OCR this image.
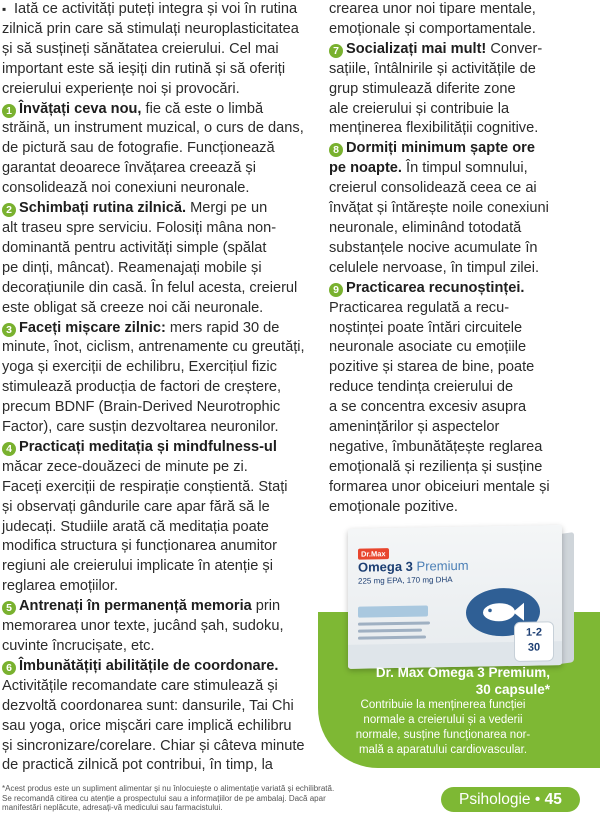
▪ Iată ce activități puteți integra și voi în rutina
zilnică prin care să stimulați neuroplasticitatea
și să susțineți sănătatea creierului. Cel mai
important este să ieșiți din rutină și să oferiți
creierului experiențe noi și provocări.
1 Învățați ceva nou, fie că este o limbă
străină, un instrument muzical, o curs de dans,
de pictură sau de fotografie. Funcționează
garantat deoarece învățarea creează și
consolidează noi conexiuni neuronale.
2 Schimbați rutina zilnică. Mergi pe un
alt traseu spre serviciu. Folosiți mâna non-
dominantă pentru activități simple (spălat
pe dinți, mâncat). Reamenajați mobile și
decorațiunile din casă. În felul acesta, creierul
este obligat să creeze noi căi neuronale.
3 Faceți mișcare zilnic: mers rapid 30 de
minute, înot, ciclism, antrenamente cu greutăți,
yoga și exerciții de echilibru, Exercițiul fizic
stimulează producția de factori de creștere,
precum BDNF (Brain-Derived Neurotrophic
Factor), care susțin dezvoltarea neuronilor.
4 Practicați meditația și mindfulness-ul
măcar zece-douăzeci de minute pe zi.
Faceți exerciții de respirație conștientă. Stați
și observați gândurile care apar fără să le
judecați. Studiile arată că meditația poate
modifica structura și funcționarea anumitor
regiuni ale creierului implicate în atenție și
reglarea emoțiilor.
5 Antrenați în permanență memoria prin
memorarea unor texte, jucând șah, sudoku,
cuvinte încrucișate, etc.
6 Îmbunătățiți abilitățile de coordonare.
Activitățile recomandate care stimulează și
dezvoltă coordonarea sunt: dansurile, Tai Chi
sau yoga, orice mișcări care implică echilibru
și sincronizare/corelare. Chiar și câteva minute
de practică zilnică pot contribui, în timp, la
crearea unor noi tipare mentale,
emoționale și comportamentale.
7 Socializați mai mult! Conver-
sațiile, întâlnirile și activitățile de
grup stimulează diferite zone
ale creierului și contribuie la
menținerea flexibilității cognitive.
8 Dormiți minimum șapte ore
pe noapte. În timpul somnului,
creierul consolidează ceea ce ai
învățat și întărește noile conexiuni
neuronale, eliminând totodată
substanțele nocive acumulate în
celulele nervoase, în timpul zilei.
9 Practicarea recunoștinței.
Practicarea regulată a recu-
noștinței poate întări circuitele
neuronale asociate cu emoțiile
pozitive și starea de bine, poate
reduce tendința creierului de
a se concentra excesiv asupra
amenințărilor și aspectelor
negative, îmbunătățește reglarea
emoțională și reziliența și susține
formarea unor obiceiuri mentale și
emoționale pozitive.
Dr.Max
Omega 3 Premium
225 mg EPA, 170 mg DHA
1-2
30
Dr. Max Omega 3 Premium,
30 capsule*
Contribuie la menținerea funcției
normale a creierului și a vederii
normale, susține funcționarea nor-
mală a aparatului cardiovascular.
*Acest produs este un supliment alimentar și nu înlocuiește o alimentație variată și echilibrată.
Se recomandă citirea cu atenție a prospectului sau a informațiilor de pe ambalaj. Dacă apar
manifestări neplăcute, adresați-vă medicului sau farmacistului.	Psihologie • 45
